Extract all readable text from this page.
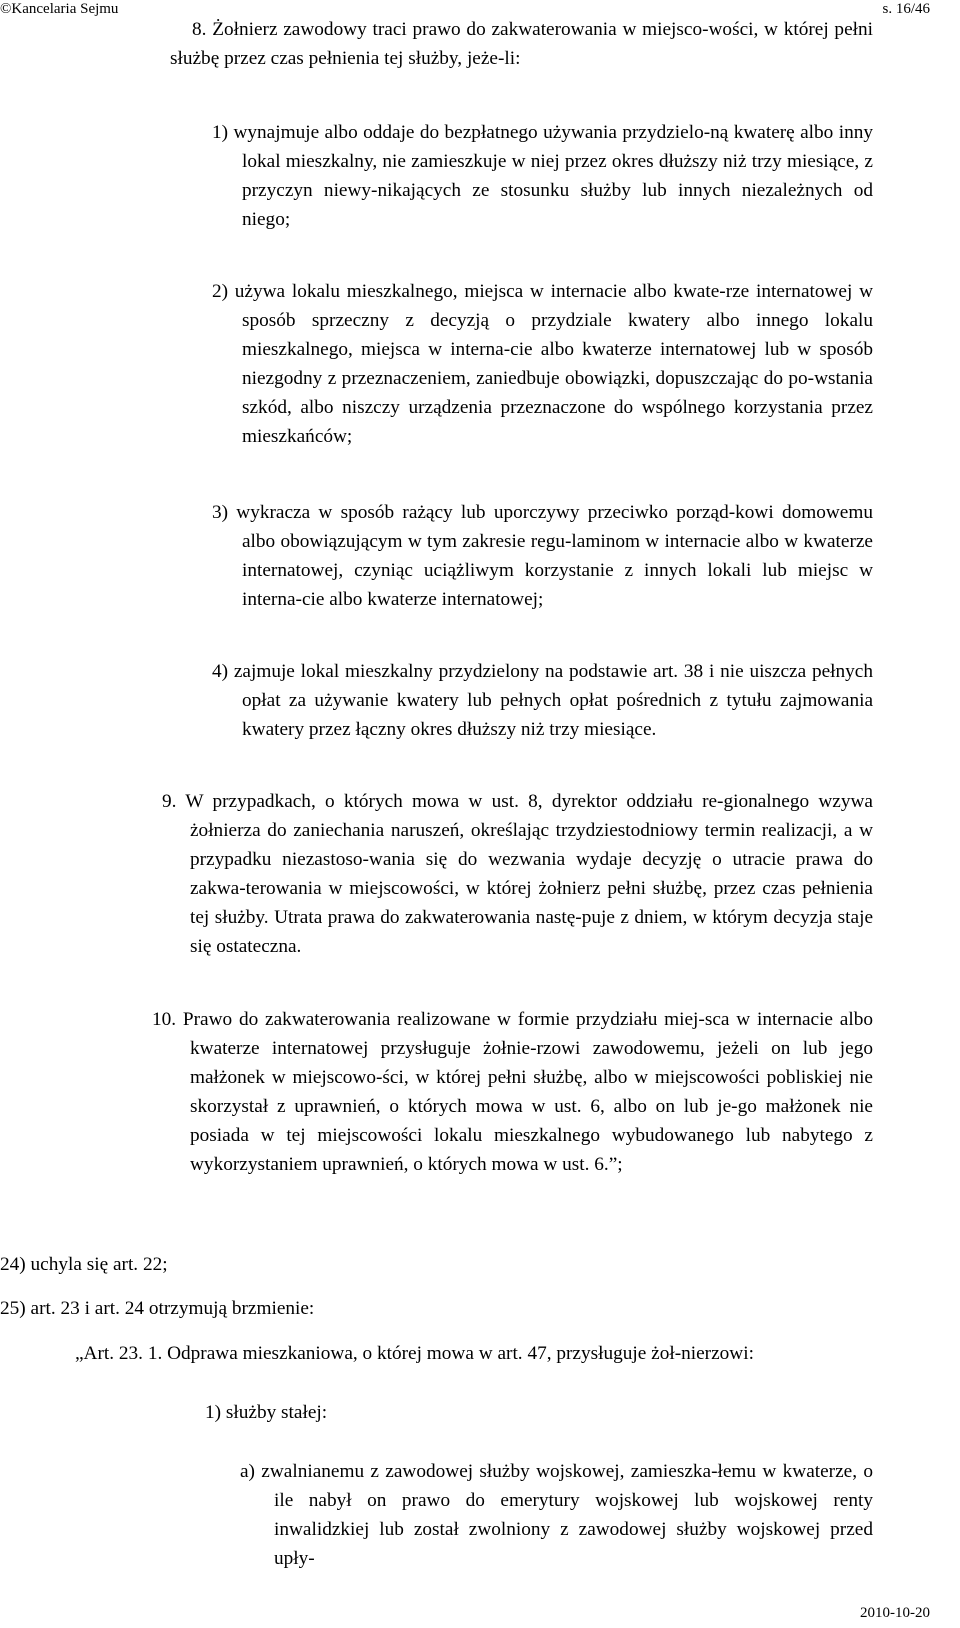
©Kancelaria Sejmu	s. 16/46
8. Żołnierz zawodowy traci prawo do zakwaterowania w miejsco-wości, w której pełni służbę przez czas pełnienia tej służby, jeże-li:
1) wynajmuje albo oddaje do bezpłatnego używania przydzielo-ną kwaterę albo inny lokal mieszkalny, nie zamieszkuje w niej przez okres dłuższy niż trzy miesiące, z przyczyn niewy-nikających ze stosunku służby lub innych niezależnych od niego;
2) używa lokalu mieszkalnego, miejsca w internacie albo kwate-rze internatowej w sposób sprzeczny z decyzją o przydziale kwatery albo innego lokalu mieszkalnego, miejsca w interna-cie albo kwaterze internatowej lub w sposób niezgodny z przeznaczeniem, zaniedbuje obowiązki, dopuszczając do po-wstania szkód, albo niszczy urządzenia przeznaczone do wspólnego korzystania przez mieszkańców;
3) wykracza w sposób rażący lub uporczywy przeciwko porząd-kowi domowemu albo obowiązującym w tym zakresie regu-laminom w internacie albo w kwaterze internatowej, czyniąc uciążliwym korzystanie z innych lokali lub miejsc w interna-cie albo kwaterze internatowej;
4) zajmuje lokal mieszkalny przydzielony na podstawie art. 38 i nie uiszcza pełnych opłat za używanie kwatery lub pełnych opłat pośrednich z tytułu zajmowania kwatery przez łączny okres dłuższy niż trzy miesiące.
9. W przypadkach, o których mowa w ust. 8, dyrektor oddziału re-gionalnego wzywa żołnierza do zaniechania naruszeń, określając trzydziestodniowy termin realizacji, a w przypadku niezastoso-wania się do wezwania wydaje decyzję o utracie prawa do zakwa-terowania w miejscowości, w której żołnierz pełni służbę, przez czas pełnienia tej służby. Utrata prawa do zakwaterowania nastę-puje z dniem, w którym decyzja staje się ostateczna.
10. Prawo do zakwaterowania realizowane w formie przydziału miej-sca w internacie albo kwaterze internatowej przysługuje żołnie-rzowi zawodowemu, jeżeli on lub jego małżonek w miejscowo-ści, w której pełni służbę, albo w miejscowości pobliskiej nie skorzystał z uprawnień, o których mowa w ust. 6, albo on lub je-go małżonek nie posiada w tej miejscowości lokalu mieszkalnego wybudowanego lub nabytego z wykorzystaniem uprawnień, o których mowa w ust. 6.”;
24) uchyla się art. 22;
25) art. 23 i art. 24 otrzymują brzmienie:
„Art. 23. 1. Odprawa mieszkaniowa, o której mowa w art. 47, przysługuje żoł-nierzowi:
1) służby stałej:
a) zwalnianemu z zawodowej służby wojskowej, zamieszka-łemu w kwaterze, o ile nabył on prawo do emerytury wojskowej lub wojskowej renty inwalidzkiej lub został zwolniony z zawodowej służby wojskowej przed upły-
2010-10-20
